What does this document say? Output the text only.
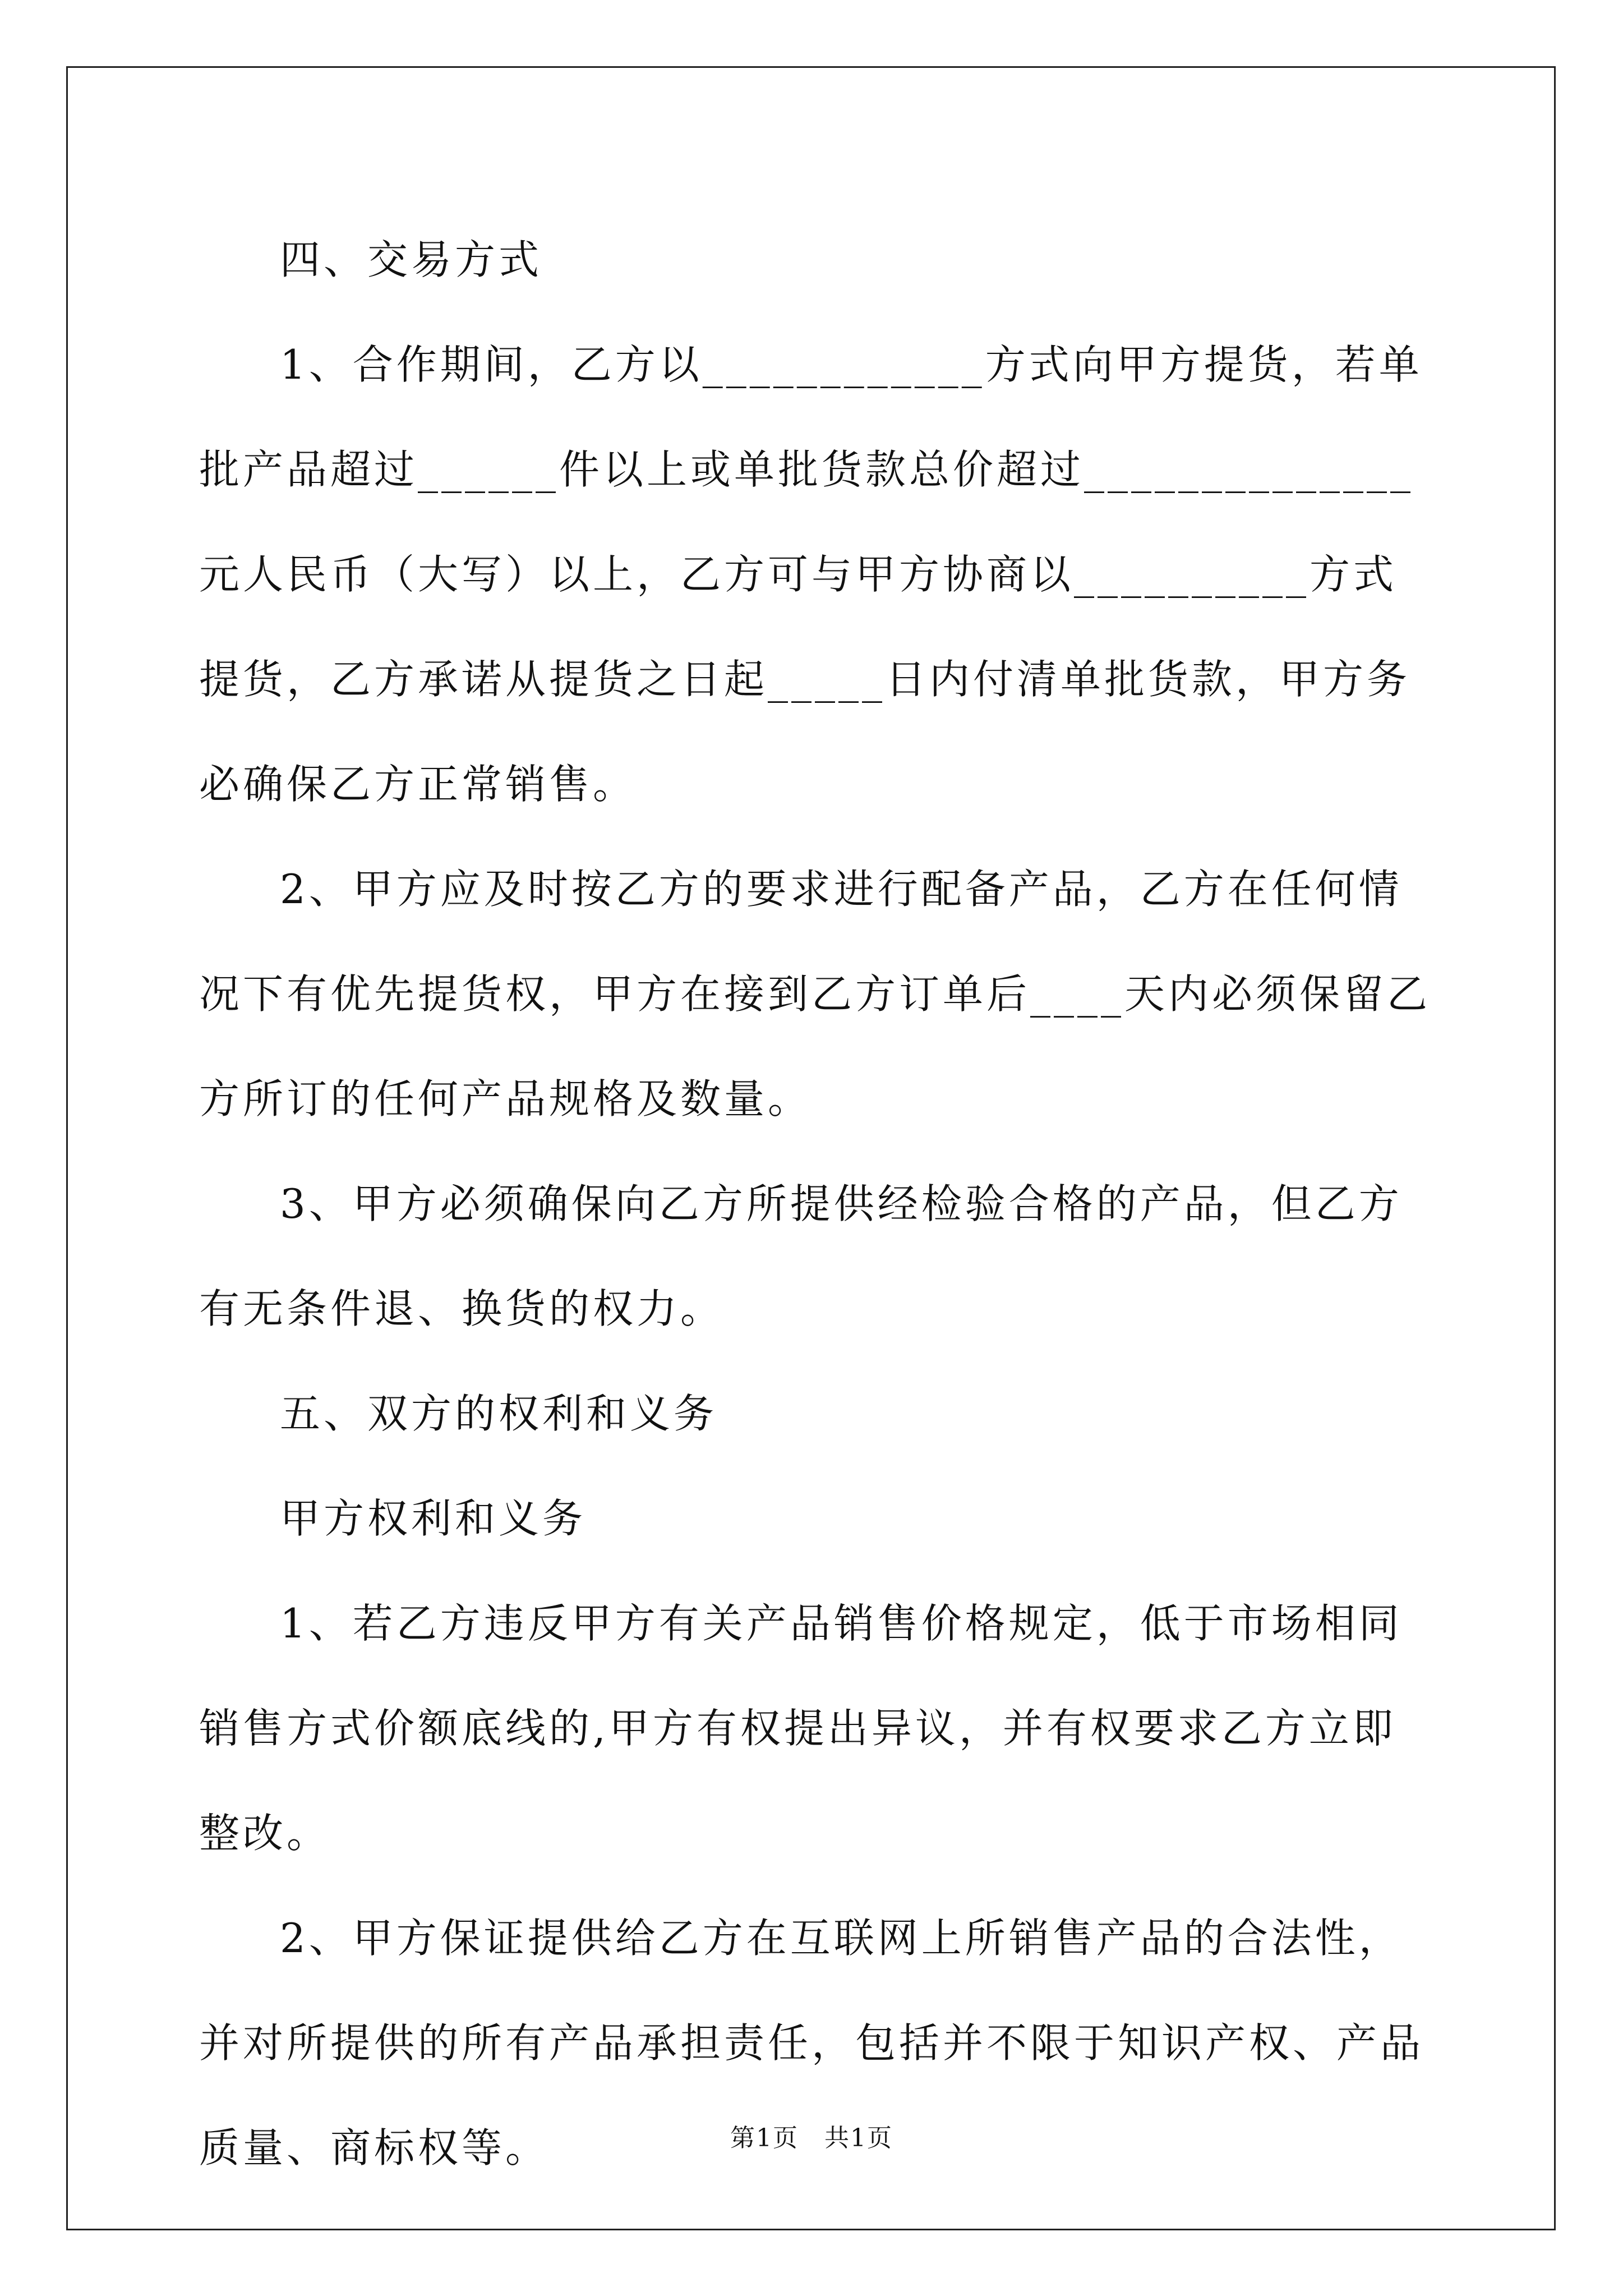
四、交易方式

1、合作期间，乙方以____________方式向甲方提货，若单批产品超过______件以上或单批货款总价超过______________元人民币（大写）以上，乙方可与甲方协商以__________方式提货，乙方承诺从提货之日起_____日内付清单批货款，甲方务必确保乙方正常销售。

2、甲方应及时按乙方的要求进行配备产品，乙方在任何情况下有优先提货权，甲方在接到乙方订单后____天内必须保留乙方所订的任何产品规格及数量。

3、甲方必须确保向乙方所提供经检验合格的产品，但乙方有无条件退、换货的权力。

五、双方的权利和义务

甲方权利和义务

1、若乙方违反甲方有关产品销售价格规定，低于市场相同销售方式价额底线的,甲方有权提出异议，并有权要求乙方立即整改。

2、甲方保证提供给乙方在互联网上所销售产品的合法性，并对所提供的所有产品承担责任，包括并不限于知识产权、产品质量、商标权等。	第1页　共1页
